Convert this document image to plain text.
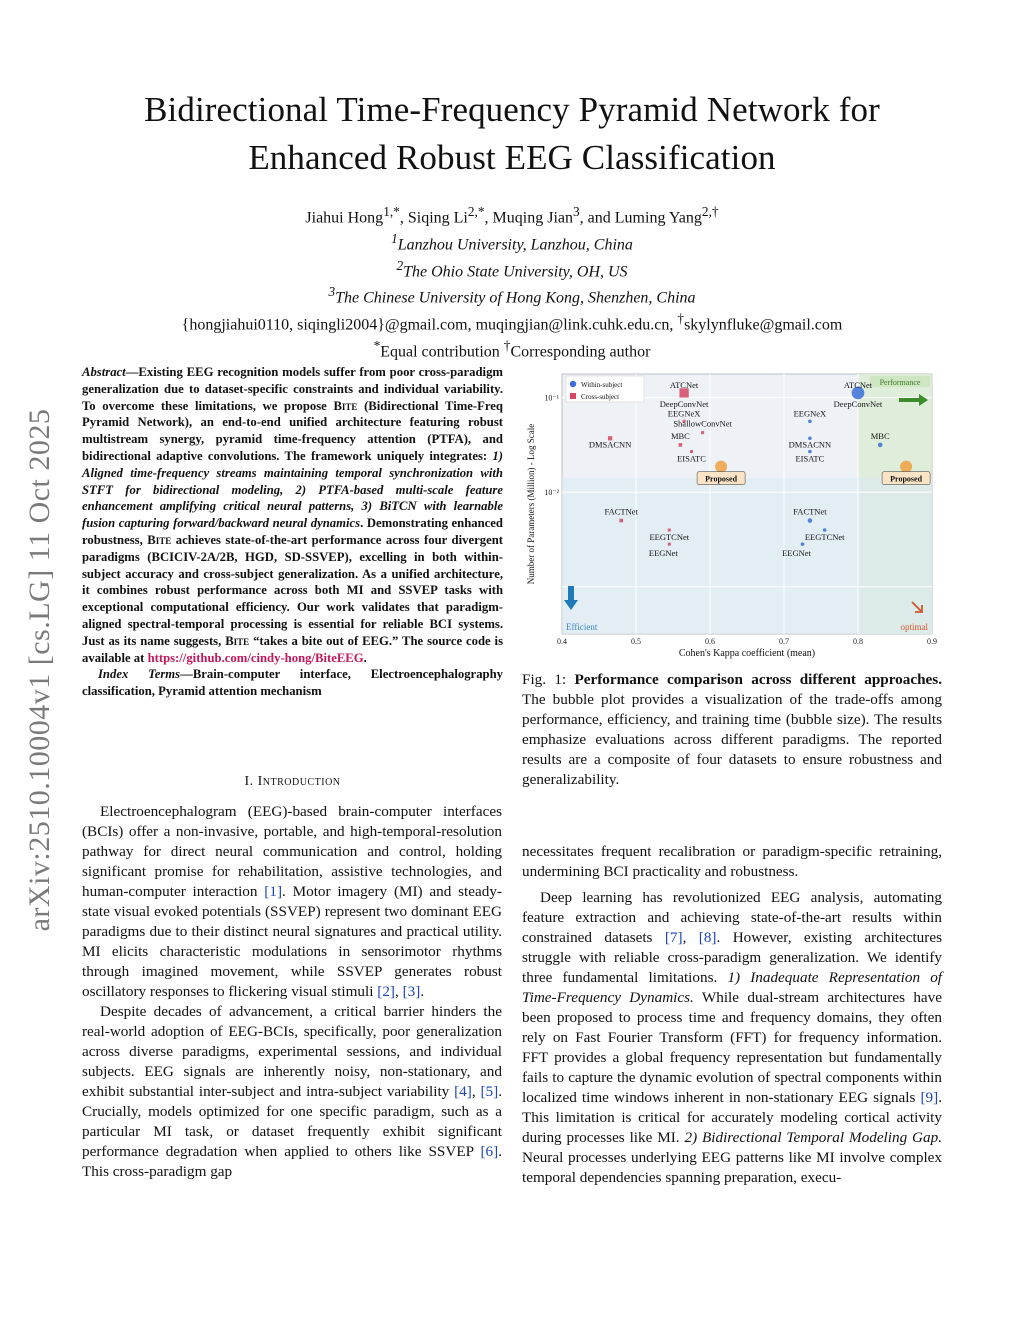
Bidirectional Time-Frequency Pyramid Network for
Enhanced Robust EEG Classification
Jiahui Hong$^{1,*}$, Siqing $Li^{2,*}$, Muqing Jian$^3$, and Luming Yang$^{2,\dagger}$
$^1$Lanzhou University, Lanzhou, China
$^2$The Ohio State University, OH, US
$^3$The Chinese University of Hong Kong, Shenzhen, China
{hongjiahui0110, siqingli2004}@gmail.com, muqingjian@link.cuhk.edu.cn, †skylynfluke@gmail.com
*Equal contribution †Corresponding author
arXiv:2510.10004v1 [cs.LG] 11 Oct 2025
Abstract—Existing EEG recognition models suffer from poor cross-paradigm generalization due to dataset-specific constraints and individual variability. To overcome these limitations, we propose Bite (Bidirectional Time-Freq Pyramid Network), an end-to-end unified architecture featuring robust multistream synergy, pyramid time-frequency attention (PTFA), and bidirectional adaptive convolutions. The framework uniquely integrates: 1) Aligned time-frequency streams maintaining temporal synchronization with STFT for bidirectional modeling, 2) PTFA-based multi-scale feature enhancement amplifying critical neural patterns, 3) BiTCN with learnable fusion capturing forward/backward neural dynamics. Demonstrating enhanced robustness, Bite achieves state-of-the-art performance across four divergent paradigms (BCICIV-2A/2B, HGD, SD-SSVEP), excelling in both within-subject accuracy and cross-subject generalization. As a unified architecture, it combines robust performance across both MI and SSVEP tasks with exceptional computational efficiency. Our work validates that paradigm-aligned spectral-temporal processing is essential for reliable BCI systems. Just as its name suggests, Bite “takes a bite out of EEG.” The source code is available at https://github.com/cindy-hong/BiteEEG.
Index Terms—Brain-computer interface, Electroencephalography classification, Pyramid attention mechanism
I. Introduction

Electroencephalogram (EEG)-based brain-computer interfaces (BCIs) offer a non-invasive, portable, and high-temporal-resolution pathway for direct neural communication and control, holding significant promise for rehabilitation, assistive technologies, and human-computer interaction [1]. Motor imagery (MI) and steady-state visual evoked potentials (SSVEP) represent two dominant EEG paradigms due to their distinct neural signatures and practical utility. MI elicits characteristic modulations in sensorimotor rhythms through imagined movement, while SSVEP generates robust oscillatory responses to flickering visual stimuli [2], [3].

Despite decades of advancement, a critical barrier hinders the real-world adoption of EEG-BCIs, specifically, poor generalization across diverse paradigms, experimental sessions, and individual subjects. EEG signals are inherently noisy, non-stationary, and exhibit substantial inter-subject and intra-subject variability [4], [5]. Crucially, models optimized for one specific paradigm, such as a particular MI task, or dataset frequently exhibit significant performance degradation when applied to others like SSVEP [6]. This cross-paradigm gap

0.4	0.5	0.6	0.7	0.8	0.9
10⁻¹
10⁻²
Cohen's Kappa coefficient (mean)
Number of Parameters (Million) - Log Scale
Performance
Efficient	optimal
Within-subject
Cross-subject
ATCNet
DeepConvNet
EEGNeX
MBC
DMSACNN
ShallowConvNet
EISATC
Proposed
FACTNet
EEGTCNet
EEGNet
ATCNet
DeepConvNet
EEGNeX
MBC
DMSACNN
EISATC
Proposed
FACTNet
EEGTCNet
EEGNet
Fig. 1: Performance comparison across different approaches. The bubble plot provides a visualization of the trade-offs among performance, efficiency, and training time (bubble size). The results emphasize evaluations across different paradigms. The reported results are a composite of four datasets to ensure robustness and generalizability.

necessitates frequent recalibration or paradigm-specific retraining, undermining BCI practicality and robustness.

Deep learning has revolutionized EEG analysis, automating feature extraction and achieving state-of-the-art results within constrained datasets [7], [8]. However, existing architectures struggle with reliable cross-paradigm generalization. We identify three fundamental limitations. 1) Inadequate Representation of Time-Frequency Dynamics. While dual-stream architectures have been proposed to process time and frequency domains, they often rely on Fast Fourier Transform (FFT) for frequency information. FFT provides a global frequency representation but fundamentally fails to capture the dynamic evolution of spectral components within localized time windows inherent in non-stationary EEG signals [9]. This limitation is critical for accurately modeling cortical activity during processes like MI. 2) Bidirectional Temporal Modeling Gap. Neural processes underlying EEG patterns like MI involve complex temporal dependencies spanning preparation, execu-
